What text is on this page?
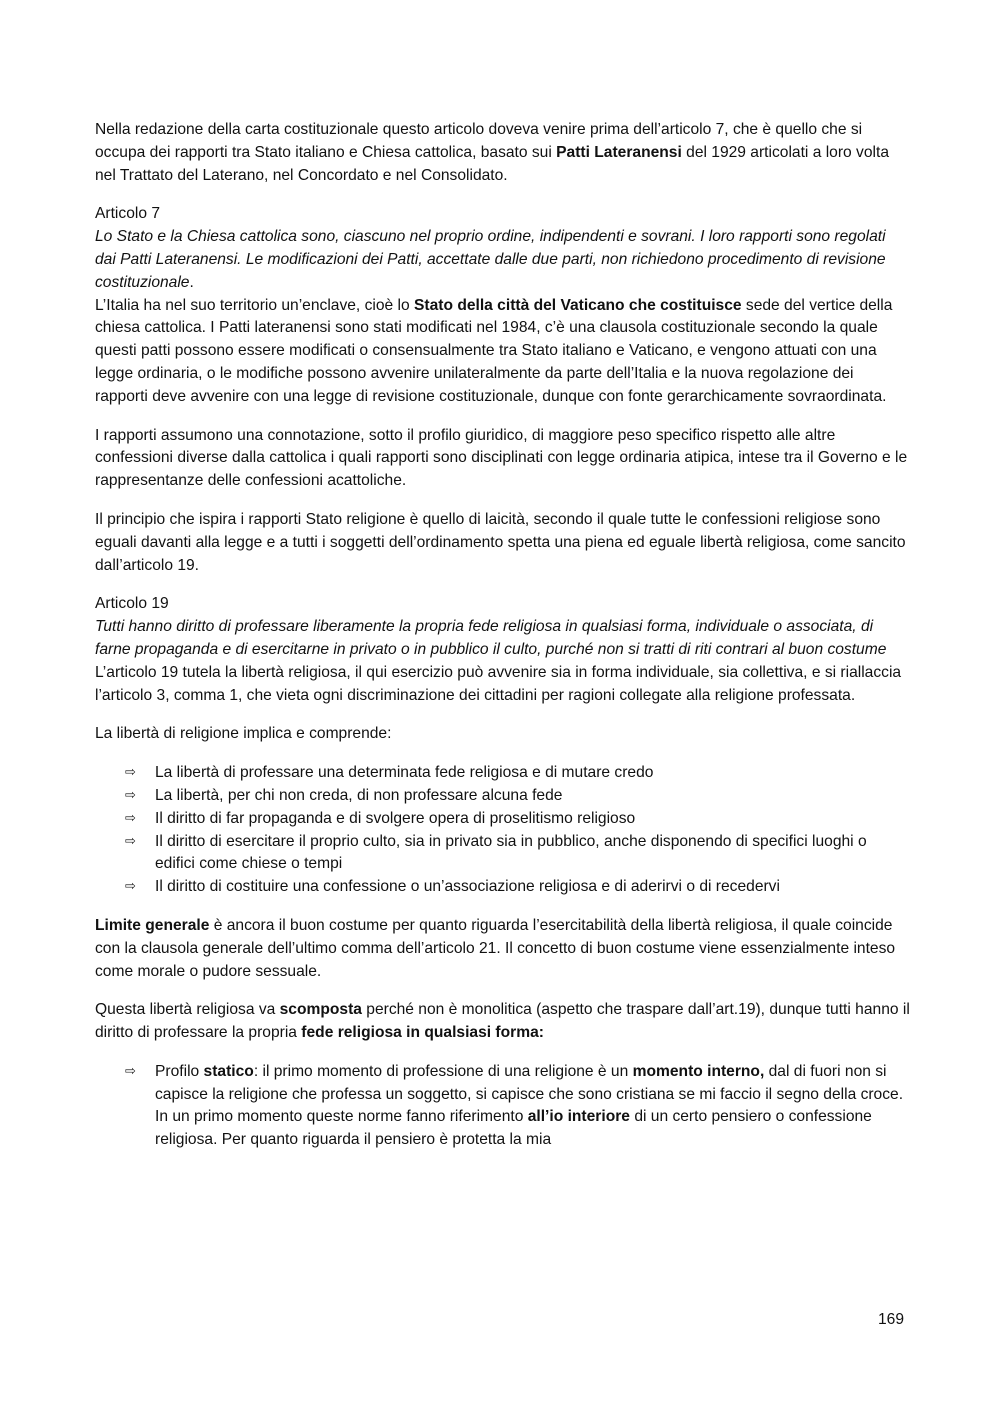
Nella redazione della carta costituzionale questo articolo doveva venire prima dell’articolo 7, che è quello che si occupa dei rapporti tra Stato italiano e Chiesa cattolica, basato sui Patti Lateranensi del 1929 articolati a loro volta nel Trattato del Laterano, nel Concordato e nel Consolidato.

Articolo 7

Lo Stato e la Chiesa cattolica sono, ciascuno nel proprio ordine, indipendenti e sovrani. I loro rapporti sono regolati dai Patti Lateranensi. Le modificazioni dei Patti, accettate dalle due parti, non richiedono procedimento di revisione costituzionale.

L’Italia ha nel suo territorio un’enclave, cioè lo Stato della città del Vaticano che costituisce sede del vertice della chiesa cattolica. I Patti lateranensi sono stati modificati nel 1984, c’è una clausola costituzionale secondo la quale questi patti possono essere modificati o consensualmente tra Stato italiano e Vaticano, e vengono attuati con una legge ordinaria, o le modifiche possono avvenire unilateralmente da parte dell’Italia e la nuova regolazione dei rapporti deve avvenire con una legge di revisione costituzionale, dunque con fonte gerarchicamente sovraordinata.

I rapporti assumono una connotazione, sotto il profilo giuridico, di maggiore peso specifico rispetto alle altre confessioni diverse dalla cattolica i quali rapporti sono disciplinati con legge ordinaria atipica, intese tra il Governo e le rappresentanze delle confessioni acattoliche.

Il principio che ispira i rapporti Stato religione è quello di laicità, secondo il quale tutte le confessioni religiose sono eguali davanti alla legge e a tutti i soggetti dell’ordinamento spetta una piena ed eguale libertà religiosa, come sancito dall’articolo 19.

Articolo 19

Tutti hanno diritto di professare liberamente la propria fede religiosa in qualsiasi forma, individuale o associata, di farne propaganda e di esercitarne in privato o in pubblico il culto, purché non si tratti di riti contrari al buon costume

L’articolo 19 tutela la libertà religiosa, il qui esercizio può avvenire sia in forma individuale, sia collettiva, e si riallaccia l’articolo 3, comma 1, che vieta ogni discriminazione dei cittadini per ragioni collegate alla religione professata.

La libertà di religione implica e comprende:

⇨ La libertà di professare una determinata fede religiosa e di mutare credo
⇨ La libertà, per chi non creda, di non professare alcuna fede
⇨ Il diritto di far propaganda e di svolgere opera di proselitismo religioso
⇨ Il diritto di esercitare il proprio culto, sia in privato sia in pubblico, anche disponendo di specifici luoghi o edifici come chiese o tempi
⇨ Il diritto di costituire una confessione o un’associazione religiosa e di aderirvi o di recedervi

Limite generale è ancora il buon costume per quanto riguarda l’esercitabilità della libertà religiosa, il quale coincide con la clausola generale dell’ultimo comma dell’articolo 21. Il concetto di buon costume viene essenzialmente inteso come morale o pudore sessuale.

Questa libertà religiosa va scomposta perché non è monolitica (aspetto che traspare dall’art.19), dunque tutti hanno il diritto di professare la propria fede religiosa in qualsiasi forma:

⇨ Profilo statico: il primo momento di professione di una religione è un momento interno, dal di fuori non si capisce la religione che professa un soggetto, si capisce che sono cristiana se mi faccio il segno della croce. In un primo momento queste norme fanno riferimento all’io interiore di un certo pensiero o confessione religiosa. Per quanto riguarda il pensiero è protetta la mia
169
